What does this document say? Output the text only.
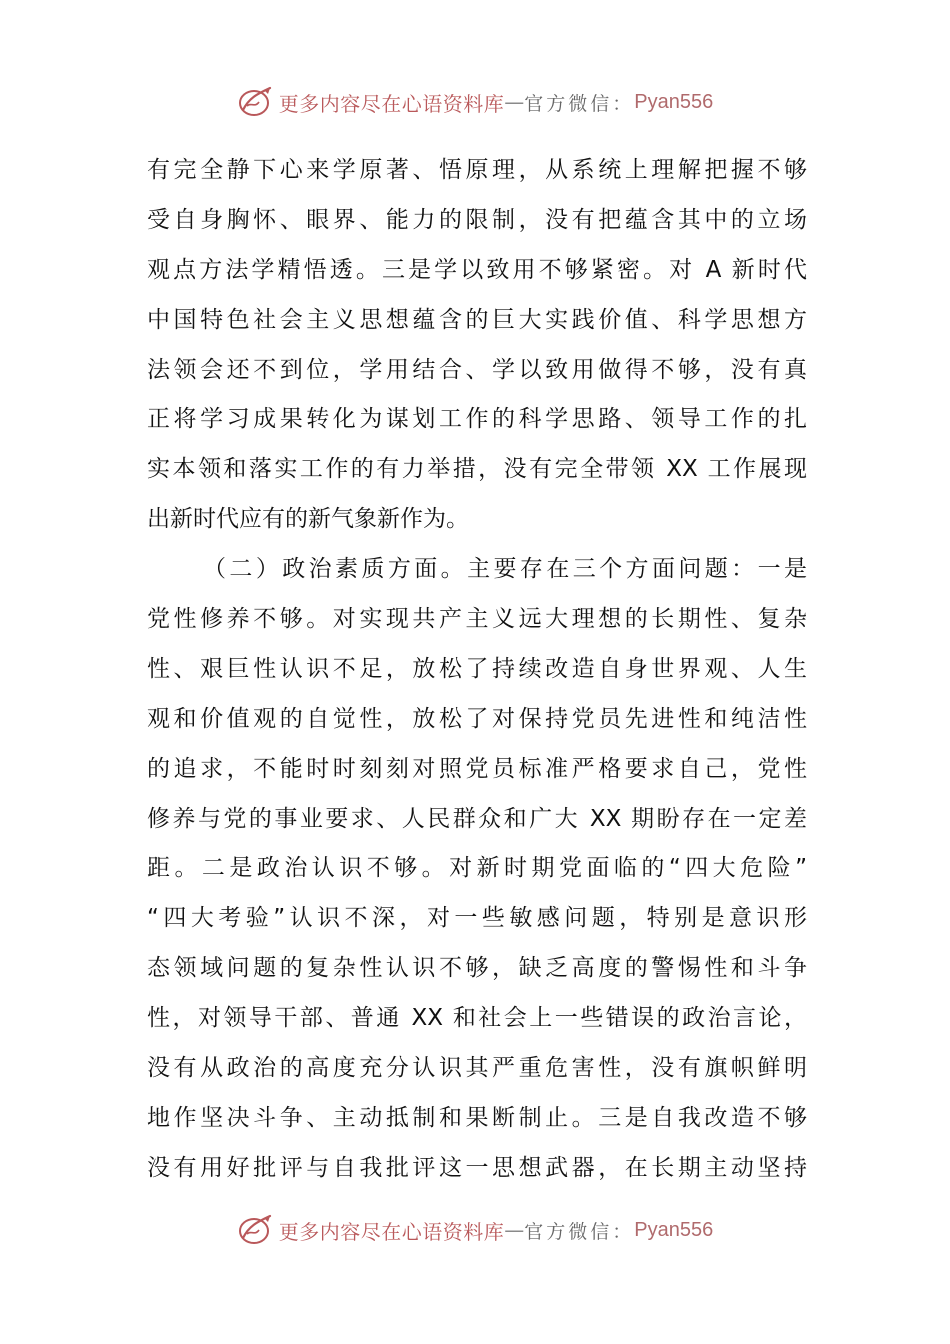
更多内容尽在心语资料库 — 官方微信： Pyan556
有完全静下心来学原著、悟原理，从系统上理解把握不够
受自身胸怀、眼界、能力的限制，没有把蕴含其中的立场
观点方法学精悟透。三是学以致用不够紧密。对 A 新时代
中国特色社会主义思想蕴含的巨大实践价值、科学思想方
法领会还不到位，学用结合、学以致用做得不够，没有真
正将学习成果转化为谋划工作的科学思路、领导工作的扎
实本领和落实工作的有力举措，没有完全带领 XX 工作展现
出新时代应有的新气象新作为。
（二）政治素质方面。主要存在三个方面问题：一是
党性修养不够。对实现共产主义远大理想的长期性、复杂
性、艰巨性认识不足，放松了持续改造自身世界观、人生
观和价值观的自觉性，放松了对保持党员先进性和纯洁性
的追求，不能时时刻刻对照党员标准严格要求自己，党性
修养与党的事业要求、人民群众和广大 XX 期盼存在一定差
距。二是政治认识不够。对新时期党面临的“四大危险”
“四大考验”认识不深，对一些敏感问题，特别是意识形
态领域问题的复杂性认识不够，缺乏高度的警惕性和斗争
性，对领导干部、普通 XX 和社会上一些错误的政治言论，
没有从政治的高度充分认识其严重危害性，没有旗帜鲜明
地作坚决斗争、主动抵制和果断制止。三是自我改造不够
没有用好批评与自我批评这一思想武器，在长期主动坚持
更多内容尽在心语资料库 — 官方微信： Pyan556
